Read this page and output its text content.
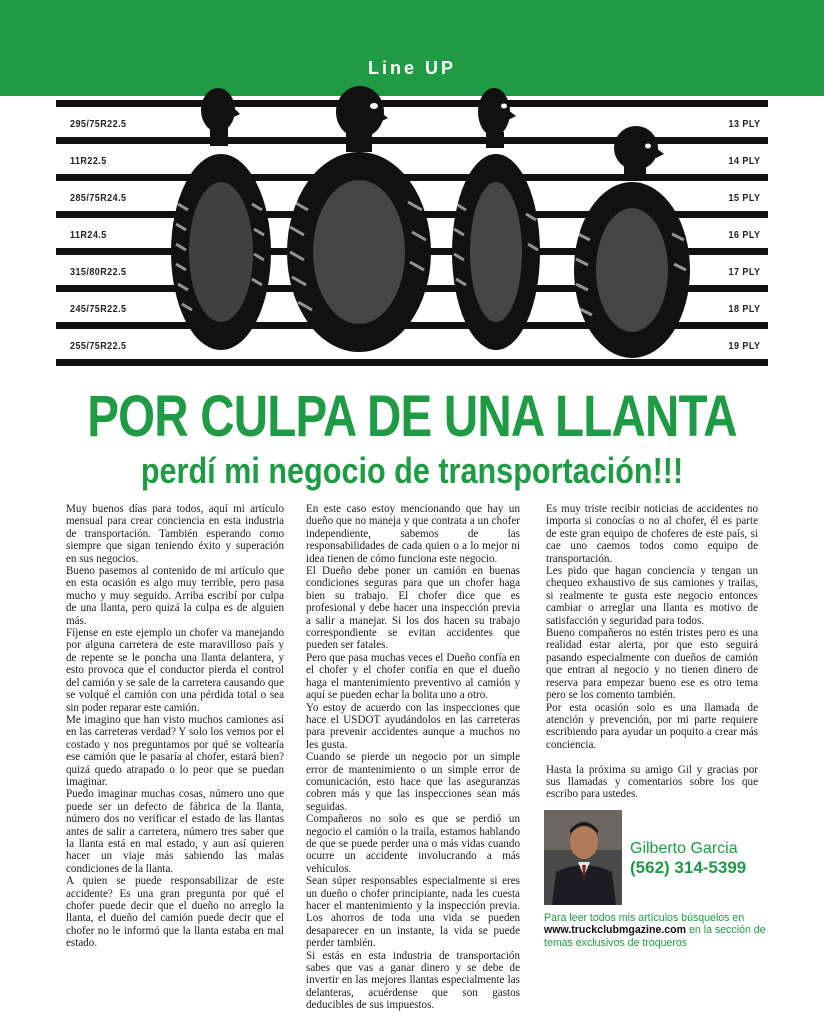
Line UP
295/75R22.5
11R22.5
285/75R24.5
11R24.5
315/80R22.5
245/75R22.5
255/75R22.5
13 PLY
14 PLY
15 PLY
16 PLY
17 PLY
18 PLY
19 PLY
POR CULPA DE UNA LLANTA
perdí mi negocio de transportación!!!

Muy buenos días para todos, aquí mi artículo mensual para crear conciencia en esta industria de transportación. También esperando como siempre que sigan teniendo éxito y superación en sus negocios.

Bueno pasemos al contenido de mi artículo que en esta ocasión es algo muy terrible, pero pasa mucho y muy seguido. Arriba escribí por culpa de una llanta, pero quizá la culpa es de alguien más.

Fíjense en este ejemplo un chofer va manejando por alguna carretera de este maravilloso país y de repente se le poncha una llanta delantera, y esto provoca que el conductor pierda el control del camión y se sale de la carretera causando que se volqué el camión con una pérdida total o sea sin poder reparar este camión.

Me imagino que han visto muchos camiones así en las carreteras verdad? Y solo los vemos por el costado y nos preguntamos por qué se voltearía ese camión que le pasaría al chofer, estará bien? quizá quedo atrapado o lo peor que se puedan imaginar.

Puedo imaginar muchas cosas, número uno que puede ser un defecto de fábrica de la llanta, número dos no verificar el estado de las llantas antes de salir a carretera, número tres saber que la llanta está en mal estado, y aun así quieren hacer un viaje más sabiendo las malas condiciones de la llanta.

A quien se puede responsabilizar de este accidente? Es una gran pregunta por qué el chofer puede decir que el dueño no arreglo la llanta, el dueño del camión puede decir que el chofer no le informó que la llanta estaba en mal estado.

En este caso estoy mencionando que hay un dueño que no maneja y que contrata a un chofer independiente, sabemos de las responsabilidades de cada quien o a lo mejor ni idea tienen de cómo funciona este negocio.

El Dueño debe poner un camión en buenas condiciones seguras para que un chofer haga bien su trabajo. El chofer dice que es profesional y debe hacer una inspección previa a salir a manejar. Si los dos hacen su trabajo correspondiente se evitan accidentes que pueden ser fatales.

Pero que pasa muchas veces el Dueño confía en el chofer y el chofer confía en que el dueño haga el mantenimiento preventivo al camión y aquí se pueden echar la bolita uno a otro.

Yo estoy de acuerdo con las inspecciones que hace el USDOT ayudándolos en las carreteras para prevenir accidentes aunque a muchos no les gusta.

Cuando se pierde un negocio por un simple error de mantenimiento o un simple error de comunicación, esto hace que las aseguranzas cobren más y que las inspecciones sean más seguidas.

Compañeros no solo es que se perdió un negocio el camión o la traila, estamos hablando de que se puede perder una o más vidas cuando ocurre un accidente involucrando a más vehículos.

Sean súper responsables especialmente si eres un dueño o chofer principiante, nada les cuesta hacer el mantenimiento y la inspección previa. Los ahorros de toda una vida se pueden desaparecer en un instante, la vida se puede perder también.

Si estás en esta industria de transportación sabes que vas a ganar dinero y se debe de invertir en las mejores llantas especialmente las delanteras, acuérdense que son gastos deducibles de sus impuestos.

Es muy triste recibir noticias de accidentes no importa si conocías o no al chofer, él es parte de este gran equipo de choferes de este país, si cae uno caemos todos como equipo de transportación.

Les pido que hagan conciencia y tengan un chequeo exhaustivo de sus camiones y trailas, si realmente te gusta este negocio entonces cambiar o arreglar una llanta es motivo de satisfacción y seguridad para todos.

Bueno compañeros no estén tristes pero es una realidad estar alerta, por que esto seguirá pasando especialmente con dueños de camión que entran al negocio y no tienen dinero de reserva para empezar bueno ese es otro tema pero se los comento también.

Por esta ocasión solo es una llamada de atención y prevención, por mi parte requiere escribiendo para ayudar un poquito a crear más conciencia.

Hasta la próxima su amigo Gil y gracias por sus llamadas y comentarios sobre los que escribo para ustedes.

Gilberto Garcia
(562) 314-5399
Para leer todos mis artículos búsquelos en www.truckclubmgazine.com en la sección de temas exclusivos de troqueros
